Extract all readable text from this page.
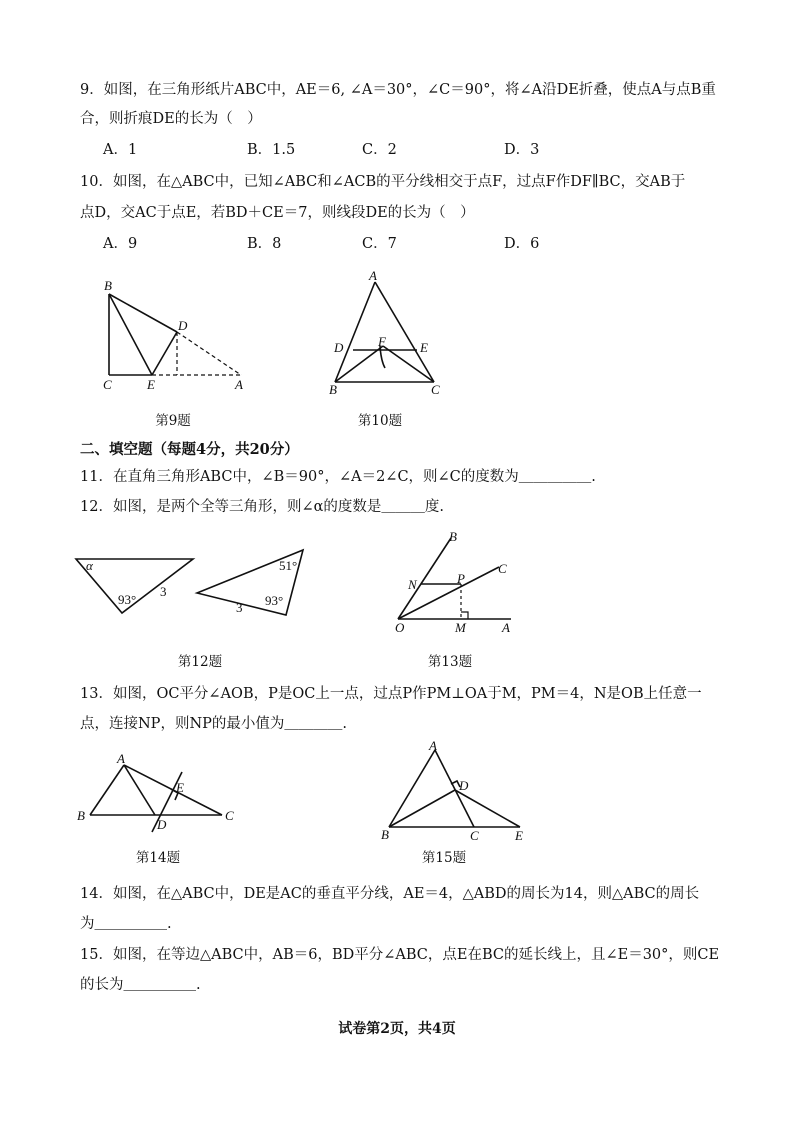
9．如图，在三角形纸片ABC中，AE＝6, ∠A＝30°，∠C＝90°，将∠A沿DE折叠，使点A与点B重
合，则折痕DE的长为（　）
A．1	B．1.5	C．2	D．3
10．如图，在△ABC中，已知∠ABC和∠ACB的平分线相交于点F，过点F作DF∥BC，交AB于
点D，交AC于点E，若BD＋CE＝7，则线段DE的长为（　）
A．9	B．8	C．7	D．6
B
D
C	E	A
第9题
A
D	F	E
B	C
第10题
二、填空题（每题4分，共20分）
11．在直角三角形ABC中，∠B＝90°，∠A＝2∠C，则∠C的度数为＿＿＿＿＿.
12．如图，是两个全等三角形，则∠α的度数是＿＿＿度.
α
93°
3
51°
93°
3
第12题
B
C
N	P
O	M	A
第13题
13．如图，OC平分∠AOB，P是OC上一点，过点P作PM⊥OA于M，PM＝4，N是OB上任意一
点，连接NP，则NP的最小值为＿＿＿＿.
A
E
B
D
C
第14题
A
D
B	C	E
第15题
14．如图，在△ABC中，DE是AC的垂直平分线，AE＝4，△ABD的周长为14，则△ABC的周长
为＿＿＿＿＿.
15．如图，在等边△ABC中，AB＝6，BD平分∠ABC，点E在BC的延长线上，且∠E＝30°，则CE
的长为＿＿＿＿＿.
试卷第2页，共4页
